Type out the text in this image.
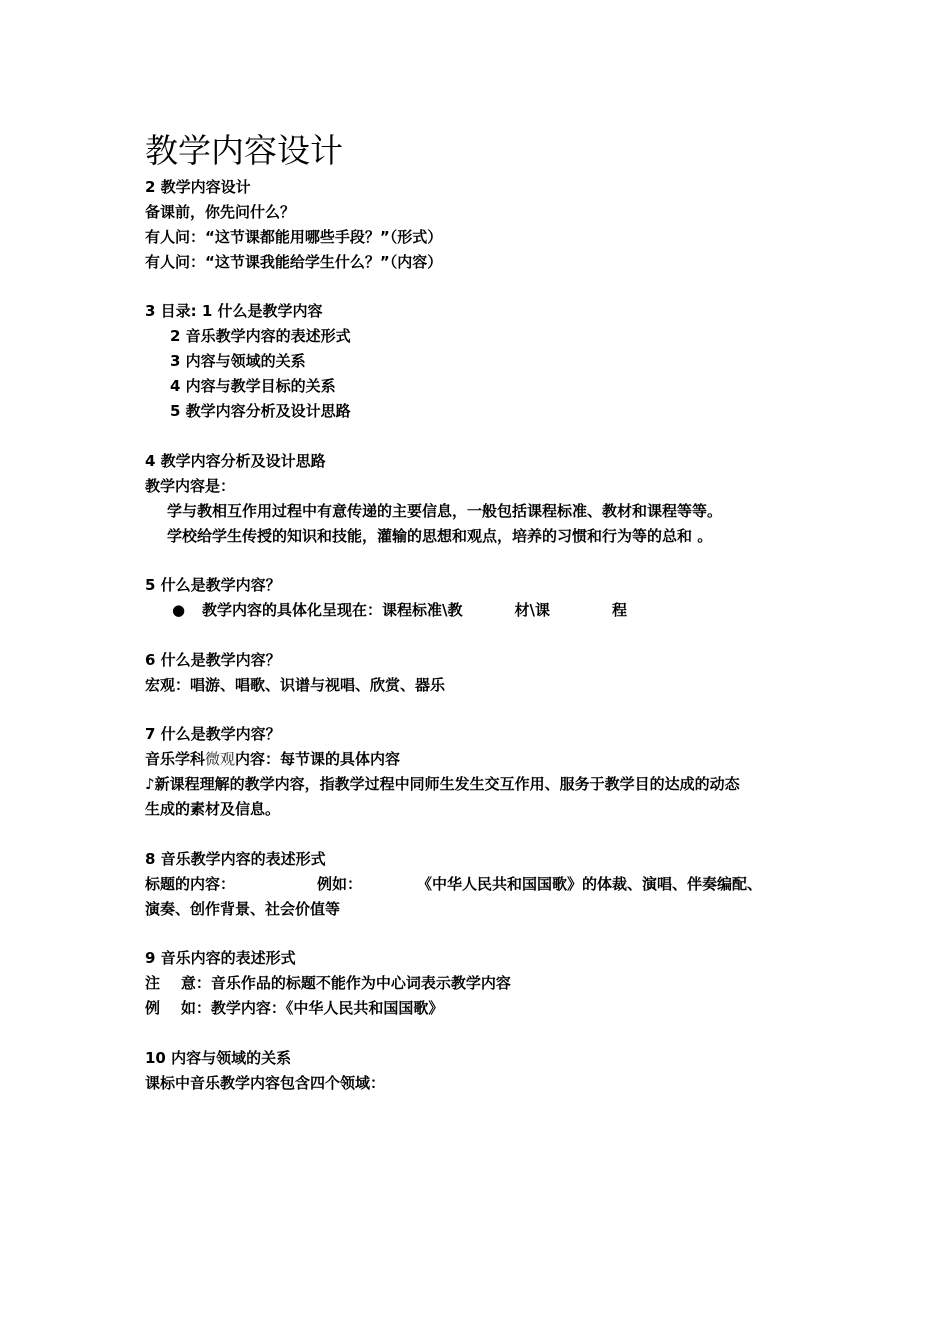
教学内容设计
2 教学内容设计
备课前，你先问什么？
有人问：“这节课都能用哪些手段？”（形式）
有人问：“这节课我能给学生什么？”（内容）
3 目录: 1 什么是教学内容
2 音乐教学内容的表述形式
3 内容与领域的关系
4 内容与教学目标的关系
5 教学内容分析及设计思路
4 教学内容分析及设计思路
教学内容是：
学与教相互作用过程中有意传递的主要信息，一般包括课程标准、教材和课程等等。
学校给学生传授的知识和技能，灌输的思想和观点，培养的习惯和行为等的总和 。
5 什么是教学内容？
● 教学内容的具体化呈现在：课程标准\教	材\课	程
6 什么是教学内容？
宏观：唱游、唱歌、识谱与视唱、欣赏、器乐
7 什么是教学内容？
音乐学科微观内容：每节课的具体内容
♪新课程理解的教学内容，指教学过程中同师生发生交互作用、服务于教学目的达成的动态
生成的素材及信息。
8 音乐教学内容的表述形式
标题的内容：	例如：	《中华人民共和国国歌》的体裁、演唱、伴奏编配、
演奏、创作背景、社会价值等
9 音乐内容的表述形式
注    意：音乐作品的标题不能作为中心词表示教学内容
例    如：教学内容：《中华人民共和国国歌》
10 内容与领域的关系
课标中音乐教学内容包含四个领域：
